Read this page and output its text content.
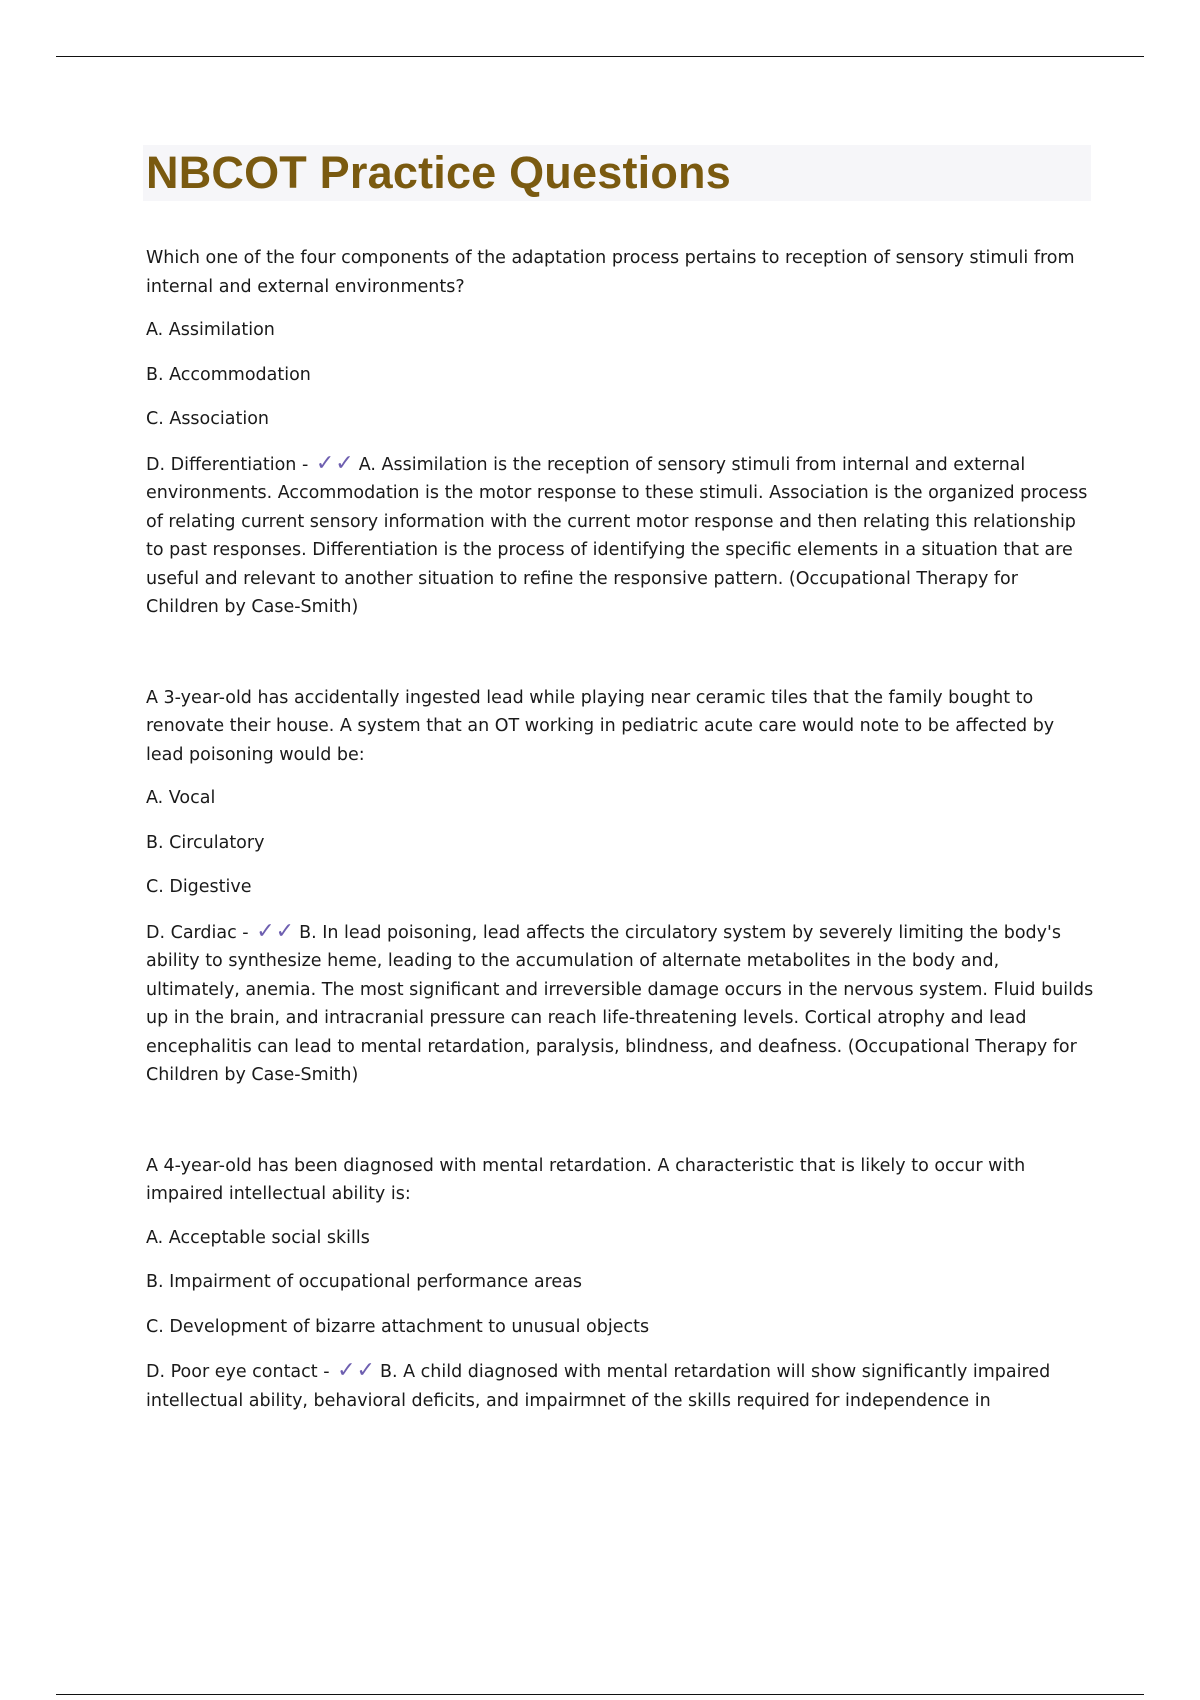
NBCOT Practice Questions

Which one of the four components of the adaptation process pertains to reception of sensory stimuli from internal and external environments?

A. Assimilation

B. Accommodation

C. Association

D. Differentiation - ✓✓ A. Assimilation is the reception of sensory stimuli from internal and external environments. Accommodation is the motor response to these stimuli. Association is the organized process of relating current sensory information with the current motor response and then relating this relationship to past responses. Differentiation is the process of identifying the specific elements in a situation that are useful and relevant to another situation to refine the responsive pattern. (Occupational Therapy for Children by Case-Smith)

A 3-year-old has accidentally ingested lead while playing near ceramic tiles that the family bought to renovate their house. A system that an OT working in pediatric acute care would note to be affected by lead poisoning would be:

A. Vocal

B. Circulatory

C. Digestive

D. Cardiac - ✓✓ B. In lead poisoning, lead affects the circulatory system by severely limiting the body's ability to synthesize heme, leading to the accumulation of alternate metabolites in the body and, ultimately, anemia. The most significant and irreversible damage occurs in the nervous system. Fluid builds up in the brain, and intracranial pressure can reach life-threatening levels. Cortical atrophy and lead encephalitis can lead to mental retardation, paralysis, blindness, and deafness. (Occupational Therapy for Children by Case-Smith)

A 4-year-old has been diagnosed with mental retardation. A characteristic that is likely to occur with impaired intellectual ability is:

A. Acceptable social skills

B. Impairment of occupational performance areas

C. Development of bizarre attachment to unusual objects

D. Poor eye contact - ✓✓ B. A child diagnosed with mental retardation will show significantly impaired intellectual ability, behavioral deficits, and impairmnet of the skills required for independence in
